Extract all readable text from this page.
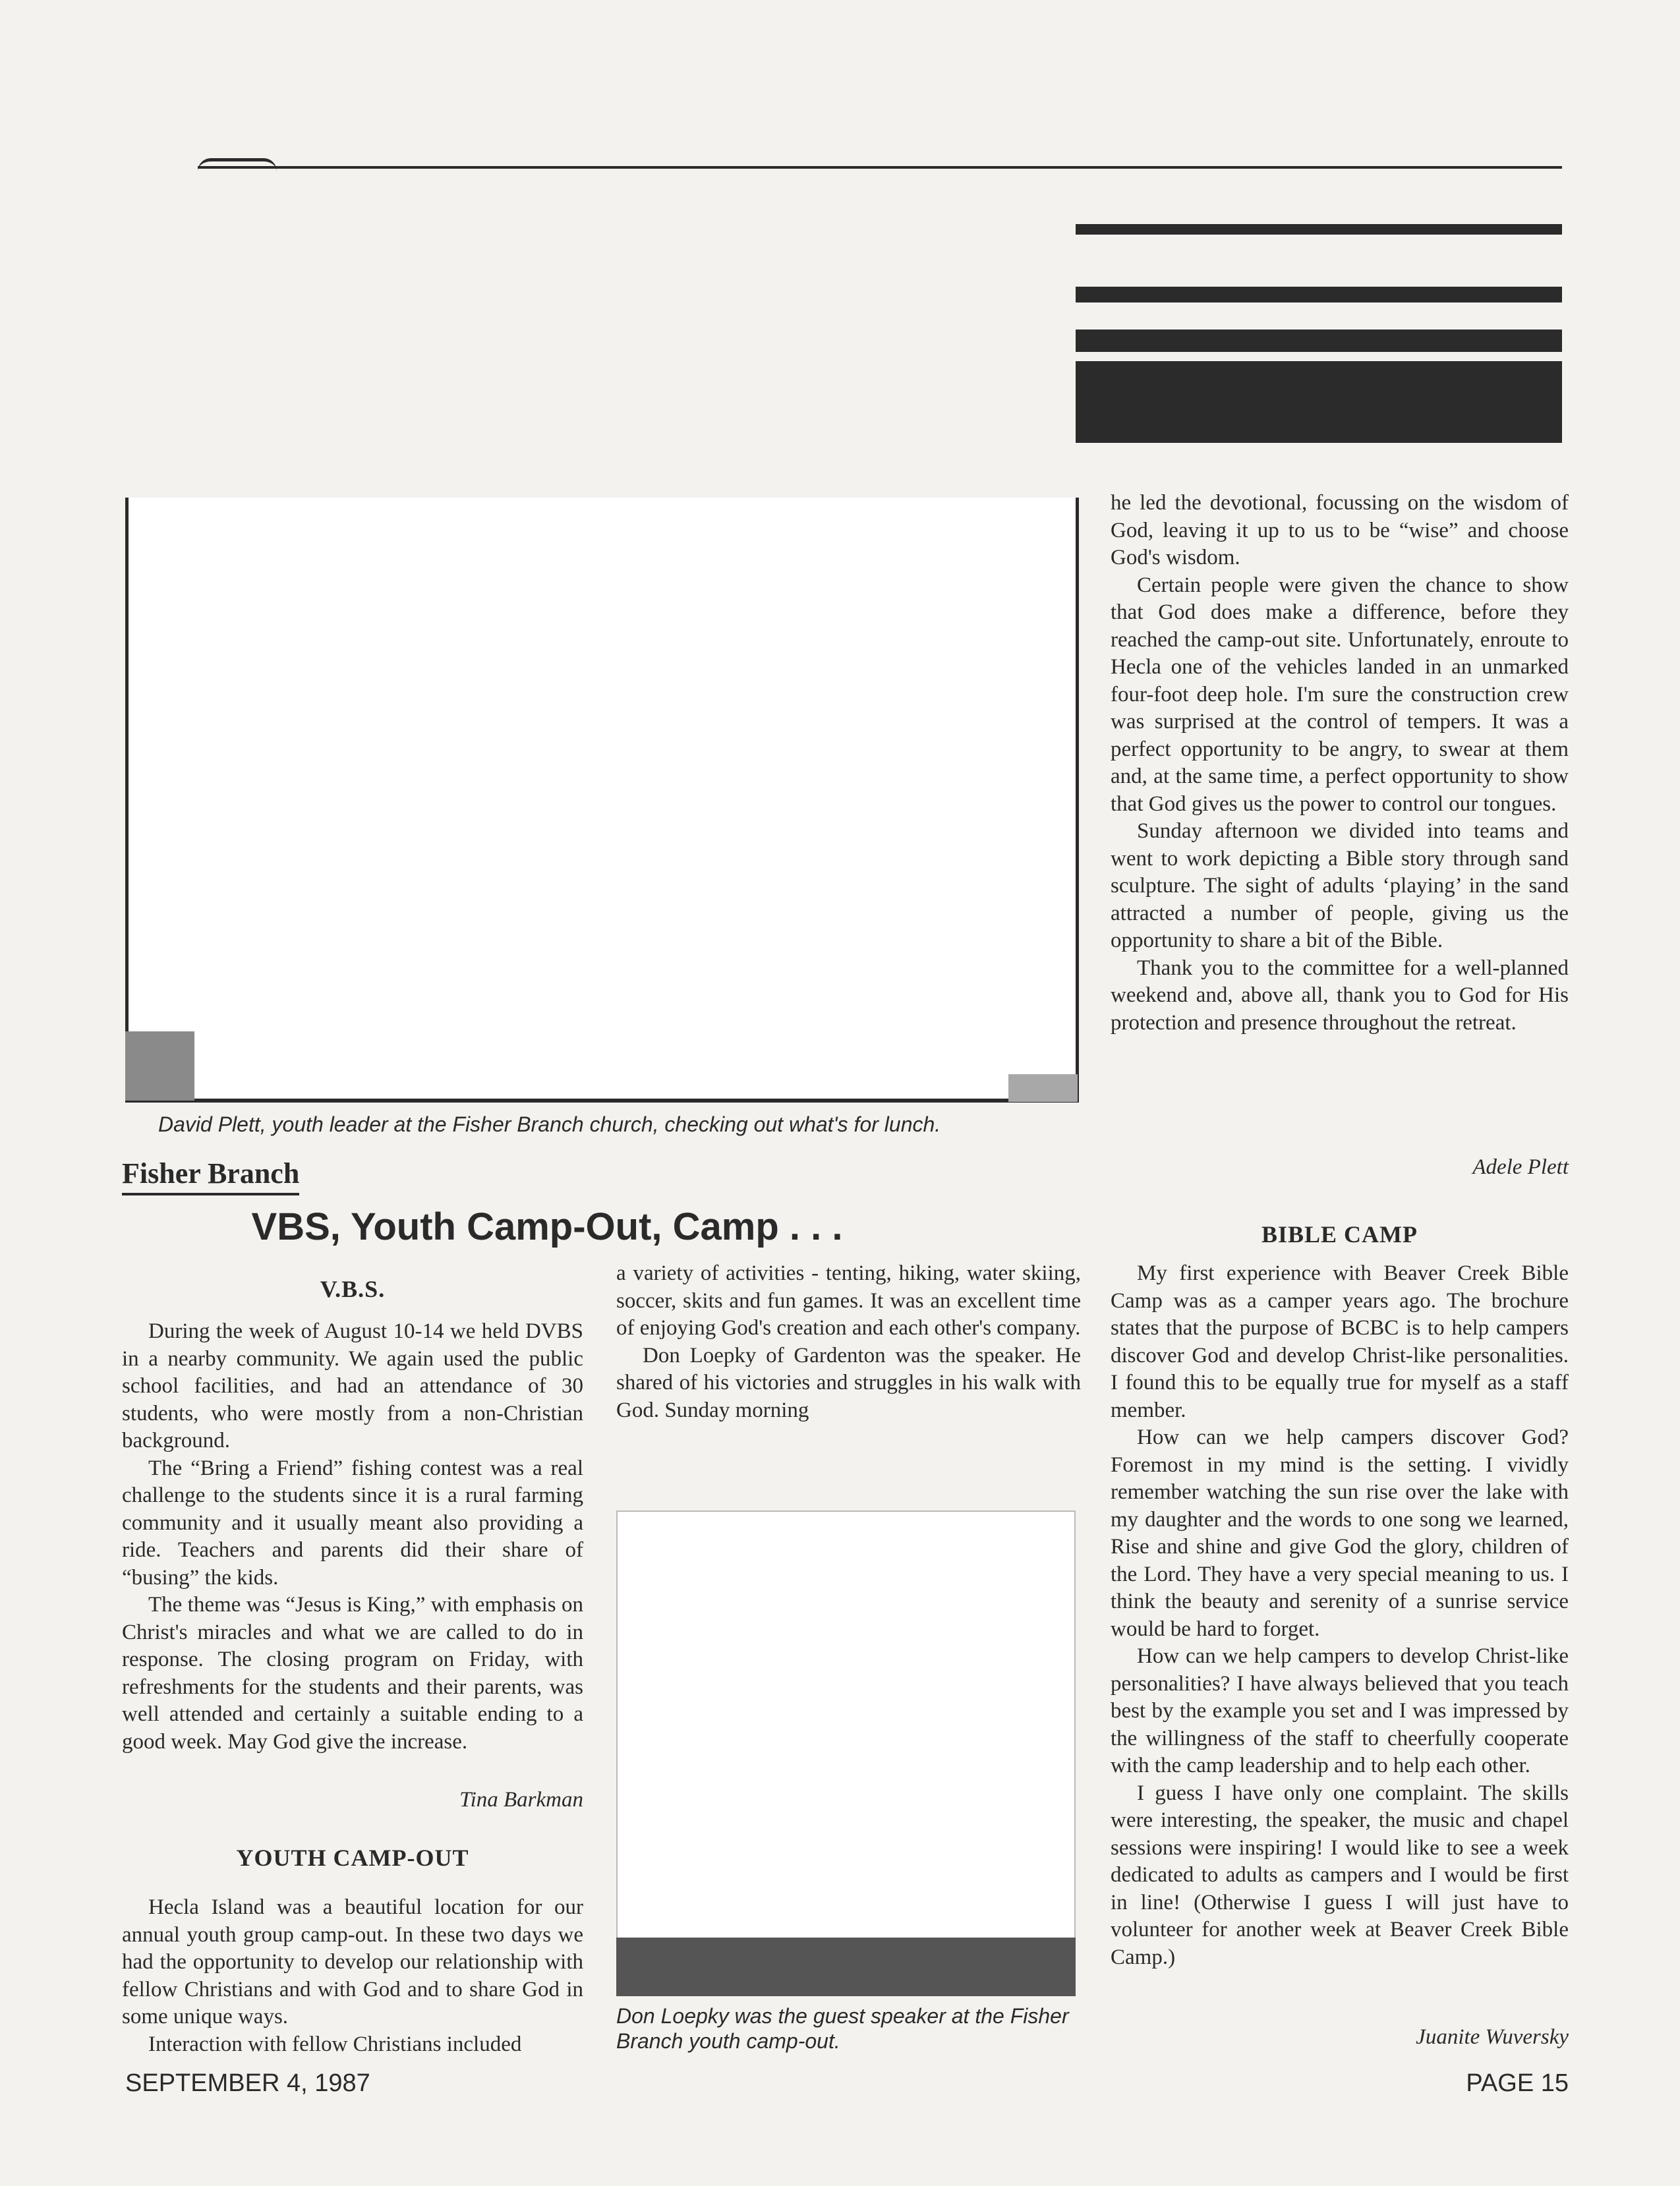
David Plett, youth leader at the Fisher Branch church, checking out what's for lunch.
Fisher Branch
VBS, Youth Camp-Out, Camp . . .
V.B.S.

During the week of August 10-14 we held DVBS in a nearby community. We again used the public school facilities, and had an attendance of 30 students, who were mostly from a non-Christian background.

The “Bring a Friend” fishing contest was a real challenge to the students since it is a rural farming community and it usually meant also providing a ride. Teachers and parents did their share of “busing” the kids.

The theme was “Jesus is King,” with emphasis on Christ's miracles and what we are called to do in response. The closing program on Friday, with refreshments for the students and their parents, was well attended and certainly a suitable ending to a good week. May God give the increase.

Tina Barkman
YOUTH CAMP-OUT

Hecla Island was a beautiful location for our annual youth group camp-out. In these two days we had the opportunity to develop our relationship with fellow Christians and with God and to share God in some unique ways.

Interaction with fellow Christians included

a variety of activities - tenting, hiking, water skiing, soccer, skits and fun games. It was an excellent time of enjoying God's creation and each other's company.

Don Loepky of Gardenton was the speaker. He shared of his victories and struggles in his walk with God. Sunday morning

Don Loepky was the guest speaker at the Fisher Branch youth camp-out.

he led the devotional, focussing on the wisdom of God, leaving it up to us to be “wise” and choose God's wisdom.

Certain people were given the chance to show that God does make a difference, before they reached the camp-out site. Unfortunately, enroute to Hecla one of the vehicles landed in an unmarked four-foot deep hole. I'm sure the construction crew was surprised at the control of tempers. It was a perfect opportunity to be angry, to swear at them and, at the same time, a perfect opportunity to show that God gives us the power to control our tongues.

Sunday afternoon we divided into teams and went to work depicting a Bible story through sand sculpture. The sight of adults ‘playing’ in the sand attracted a number of people, giving us the opportunity to share a bit of the Bible.

Thank you to the committee for a well-planned weekend and, above all, thank you to God for His protection and presence throughout the retreat.

Adele Plett
BIBLE CAMP

My first experience with Beaver Creek Bible Camp was as a camper years ago. The brochure states that the purpose of BCBC is to help campers discover God and develop Christ-like personalities. I found this to be equally true for myself as a staff member.

How can we help campers discover God? Foremost in my mind is the setting. I vividly remember watching the sun rise over the lake with my daughter and the words to one song we learned, Rise and shine and give God the glory, children of the Lord. They have a very special meaning to us. I think the beauty and serenity of a sunrise service would be hard to forget.

How can we help campers to develop Christ-like personalities? I have always believed that you teach best by the example you set and I was impressed by the willingness of the staff to cheerfully cooperate with the camp leadership and to help each other.

I guess I have only one complaint. The skills were interesting, the speaker, the music and chapel sessions were inspiring! I would like to see a week dedicated to adults as campers and I would be first in line! (Otherwise I guess I will just have to volunteer for another week at Beaver Creek Bible Camp.)

Juanite Wuversky
SEPTEMBER 4, 1987	PAGE 15
